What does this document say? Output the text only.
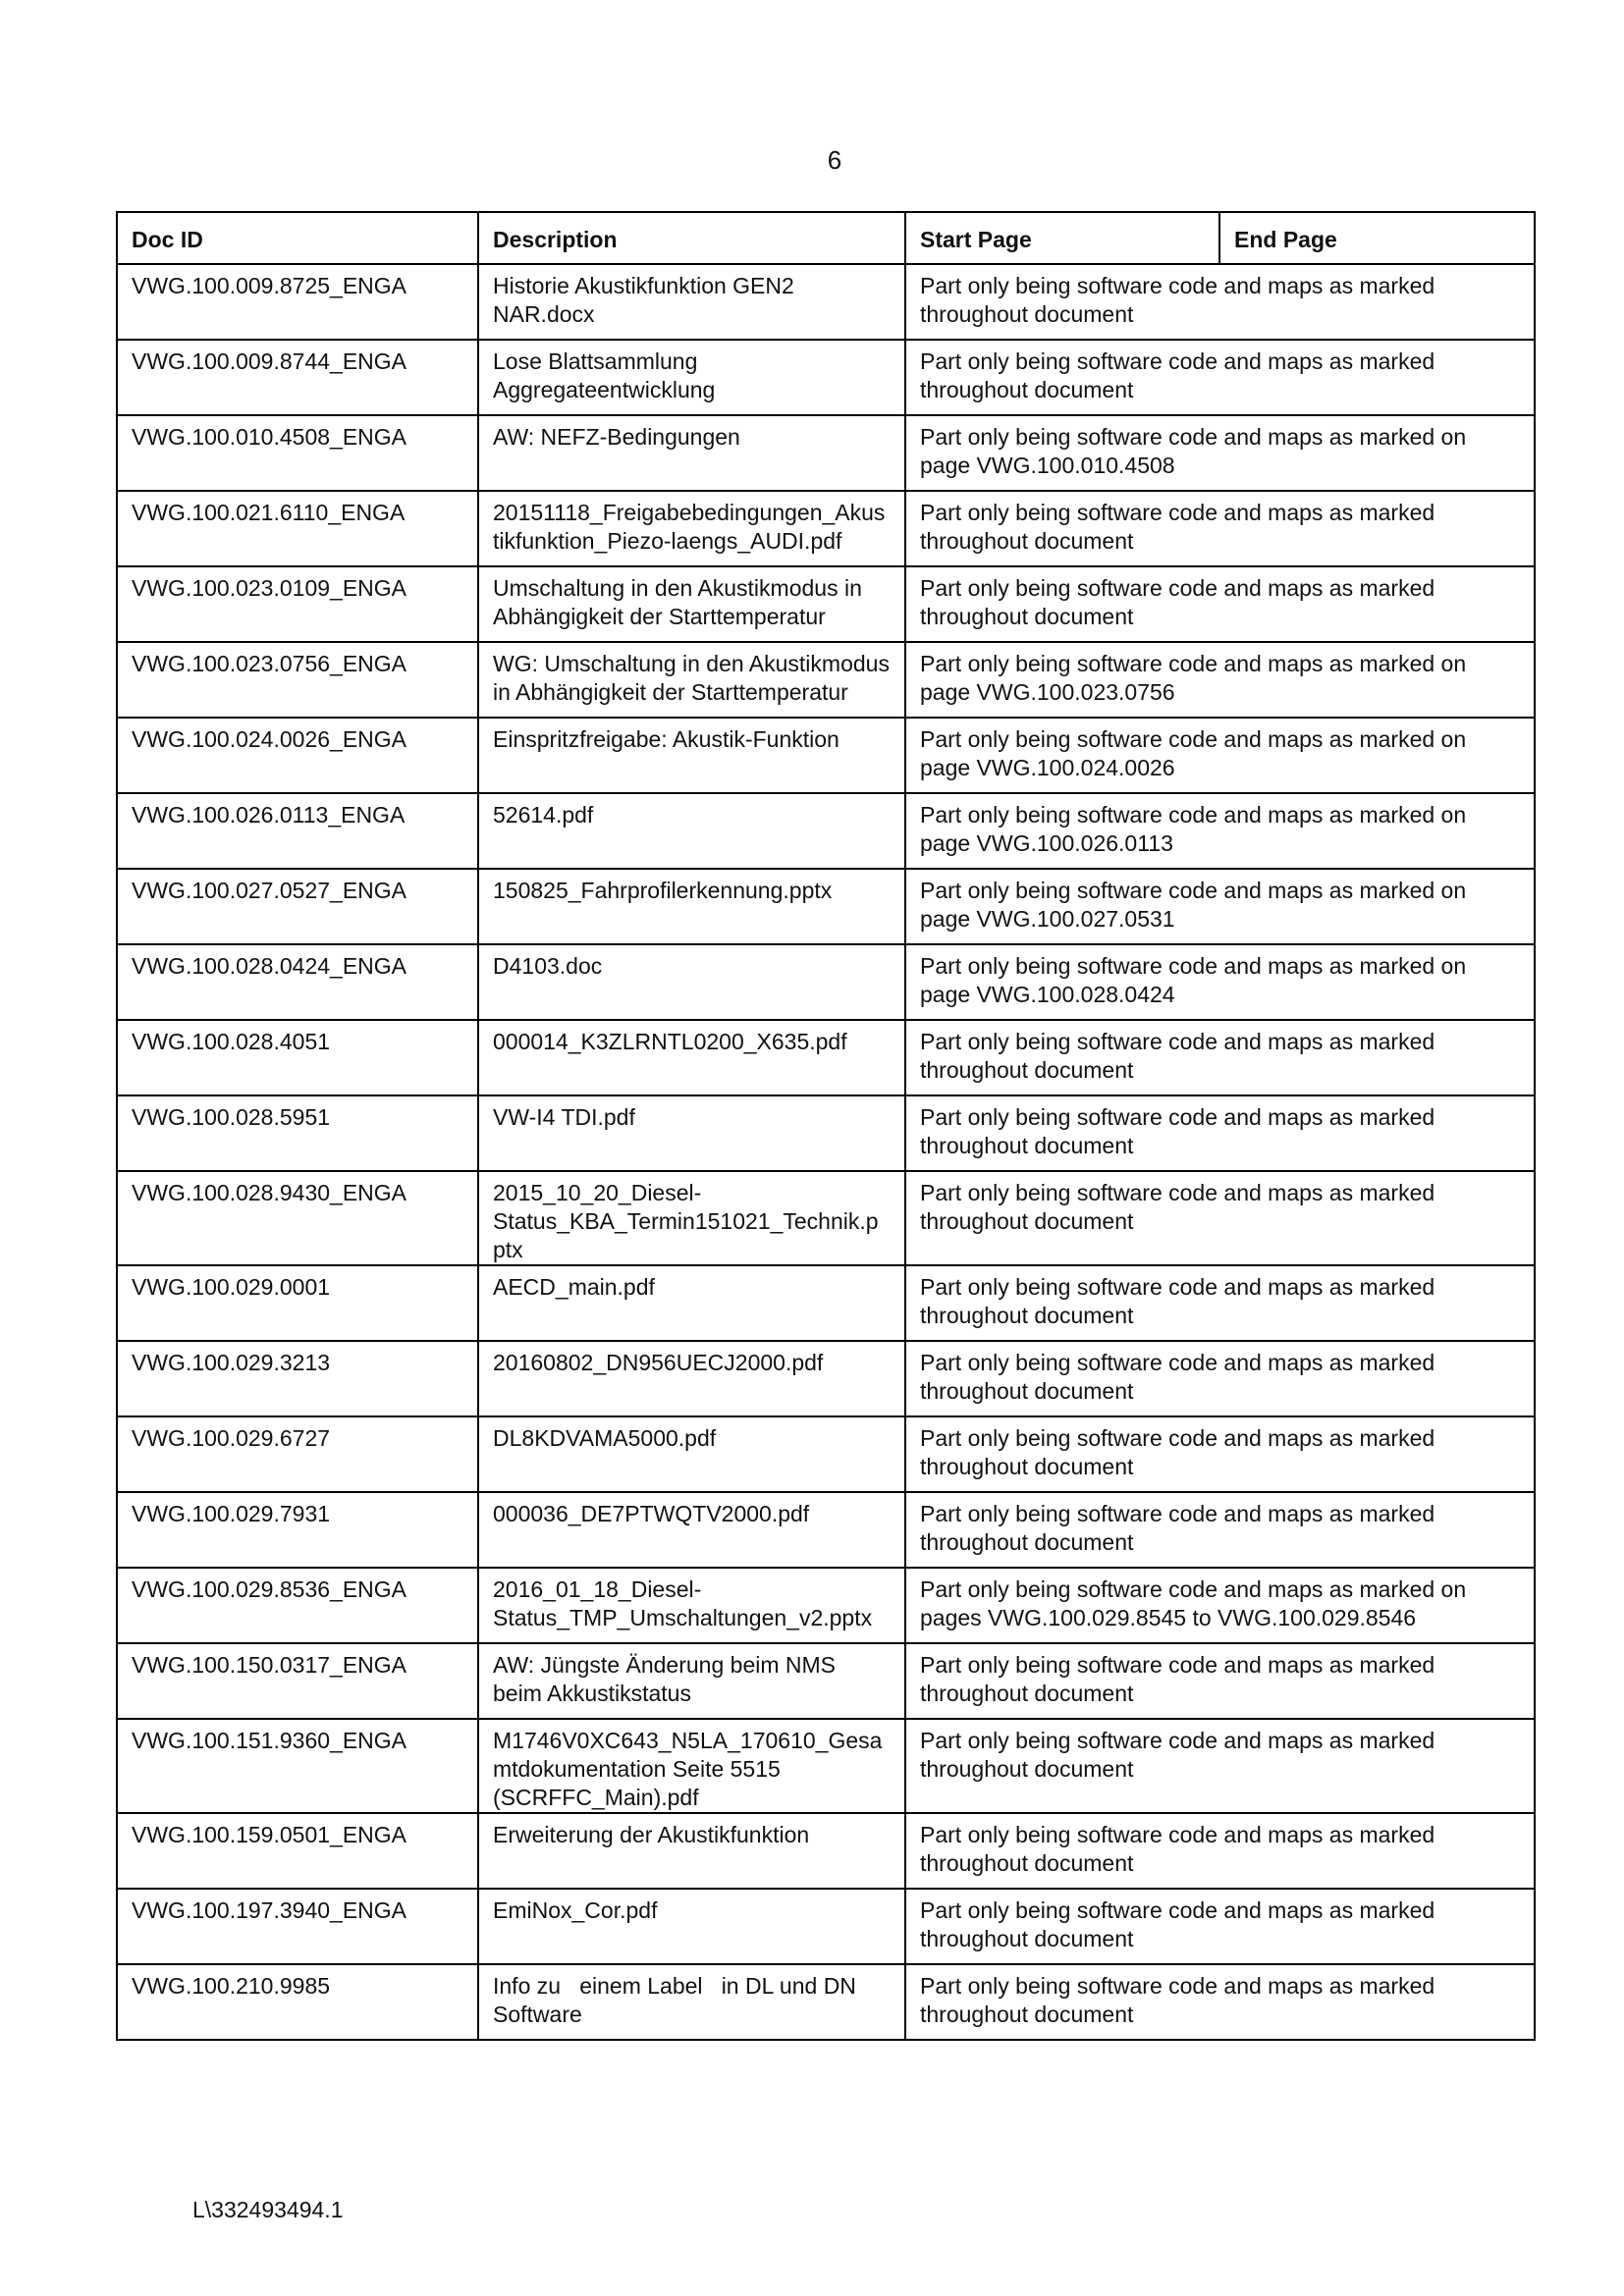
6
Doc ID	Description	Start Page	End Page
VWG.100.009.8725_ENGA	Historie Akustikfunktion GEN2 NAR.docx	Part only being software code and maps as marked throughout document	
VWG.100.009.8744_ENGA	Lose Blattsammlung Aggregateentwicklung	Part only being software code and maps as marked throughout document	
VWG.100.010.4508_ENGA	AW: NEFZ-Bedingungen	Part only being software code and maps as marked on page VWG.100.010.4508	
VWG.100.021.6110_ENGA	20151118_Freigabebedingungen_Akustikfunktion_Piezo-laengs_AUDI.pdf	Part only being software code and maps as marked throughout document	
VWG.100.023.0109_ENGA	Umschaltung in den Akustikmodus in Abhängigkeit der Starttemperatur	Part only being software code and maps as marked throughout document	
VWG.100.023.0756_ENGA	WG: Umschaltung in den Akustikmodus in Abhängigkeit der Starttemperatur	Part only being software code and maps as marked on page VWG.100.023.0756	
VWG.100.024.0026_ENGA	Einspritzfreigabe: Akustik-Funktion	Part only being software code and maps as marked on page VWG.100.024.0026	
VWG.100.026.0113_ENGA	52614.pdf	Part only being software code and maps as marked on page VWG.100.026.0113	
VWG.100.027.0527_ENGA	150825_Fahrprofilerkennung.pptx	Part only being software code and maps as marked on page VWG.100.027.0531	
VWG.100.028.0424_ENGA	D4103.doc	Part only being software code and maps as marked on page VWG.100.028.0424	
VWG.100.028.4051	000014_K3ZLRNTL0200_X635.pdf	Part only being software code and maps as marked throughout document	
VWG.100.028.5951	VW-I4 TDI.pdf	Part only being software code and maps as marked throughout document	
VWG.100.028.9430_ENGA	2015_10_20_Diesel-Status_KBA_Termin151021_Technik.pptx	Part only being software code and maps as marked throughout document	
VWG.100.029.0001	AECD_main.pdf	Part only being software code and maps as marked throughout document	
VWG.100.029.3213	20160802_DN956UECJ2000.pdf	Part only being software code and maps as marked throughout document	
VWG.100.029.6727	DL8KDVAMA5000.pdf	Part only being software code and maps as marked throughout document	
VWG.100.029.7931	000036_DE7PTWQTV2000.pdf	Part only being software code and maps as marked throughout document	
VWG.100.029.8536_ENGA	2016_01_18_Diesel-Status_TMP_Umschaltungen_v2.pptx	Part only being software code and maps as marked on pages VWG.100.029.8545 to VWG.100.029.8546	
VWG.100.150.0317_ENGA	AW: Jüngste Änderung beim NMS beim Akkustikstatus	Part only being software code and maps as marked throughout document	
VWG.100.151.9360_ENGA	M1746V0XC643_N5LA_170610_Gesamtdokumentation Seite 5515 (SCRFFC_Main).pdf	Part only being software code and maps as marked throughout document	
VWG.100.159.0501_ENGA	Erweiterung der Akustikfunktion	Part only being software code and maps as marked throughout document	
VWG.100.197.3940_ENGA	EmiNox_Cor.pdf	Part only being software code and maps as marked throughout document	
VWG.100.210.9985	Info zu   einem Label   in DL und DN Software	Part only being software code and maps as marked throughout document	
L\332493494.1
